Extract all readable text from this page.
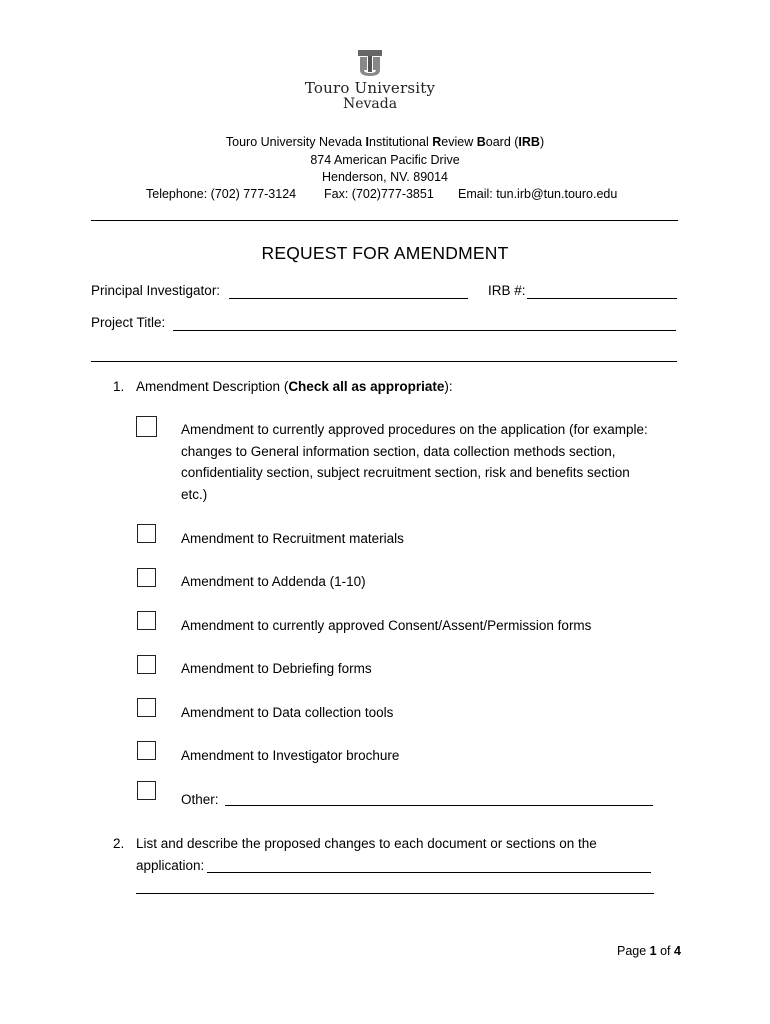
Touro University
Nevada
Touro University Nevada Institutional Review Board (IRB)
874 American Pacific Drive
Henderson, NV. 89014
Telephone: (702) 777-3124 Fax: (702)777-3851 Email: tun.irb@tun.touro.edu
REQUEST FOR AMENDMENT
Principal Investigator:	IRB #:
Project Title:
1. Amendment Description (Check all as appropriate):
Amendment to currently approved procedures on the application (for example:
changes to General information section, data collection methods section,
confidentiality section, subject recruitment section, risk and benefits section
etc.)
Amendment to Recruitment materials
Amendment to Addenda (1-10)
Amendment to currently approved Consent/Assent/Permission forms
Amendment to Debriefing forms
Amendment to Data collection tools
Amendment to Investigator brochure
Other:
2. List and describe the proposed changes to each document or sections on the
application:
Page 1 of 4
